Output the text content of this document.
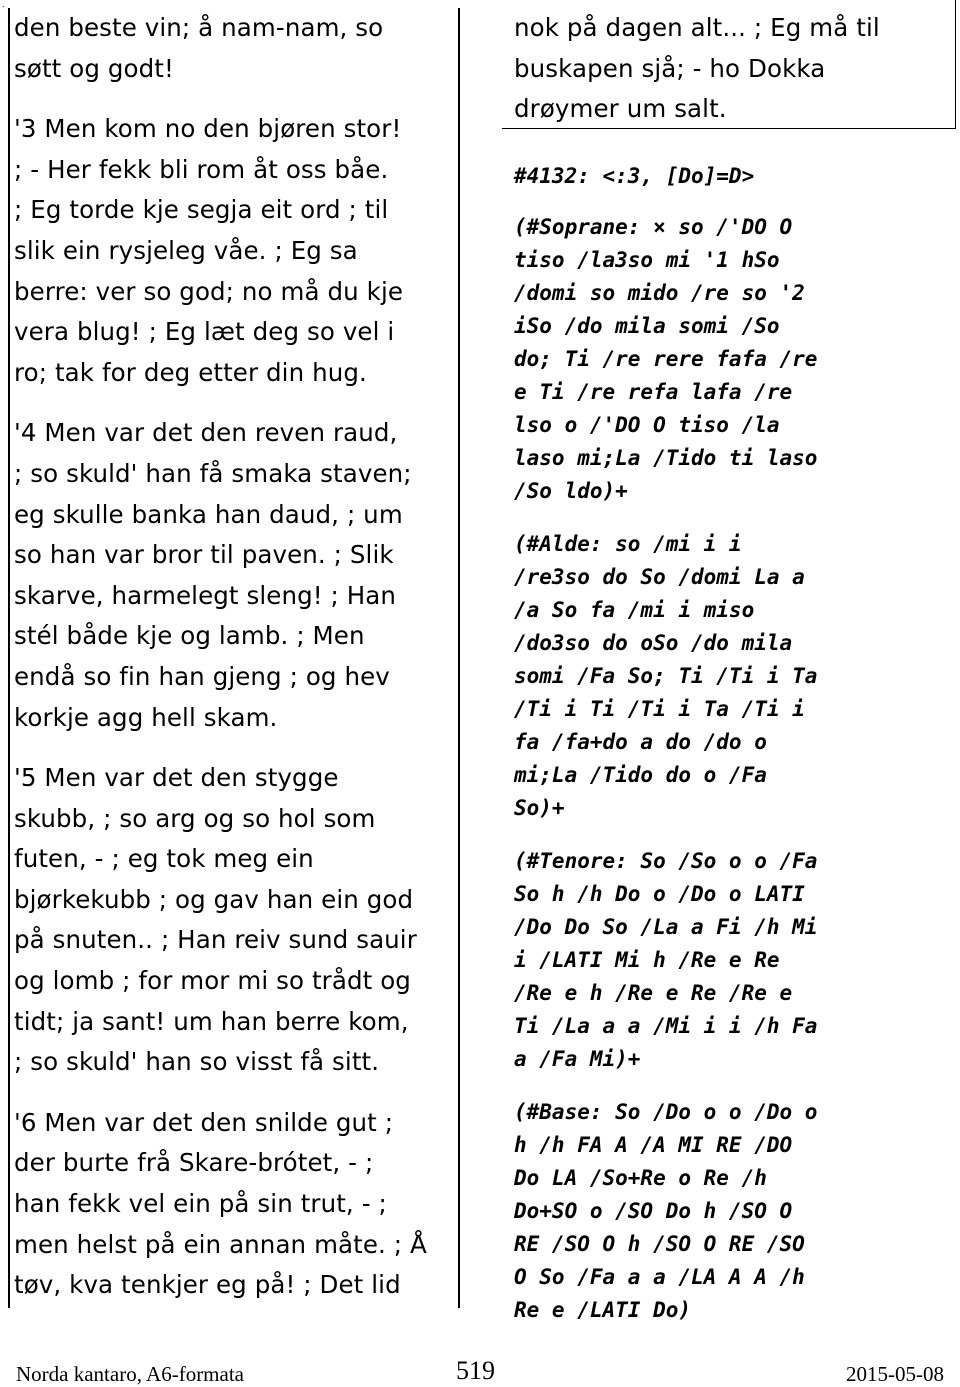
.

den beste vin; å nam-nam, so
søtt og godt!

'3 Men kom no den bjøren stor!
; - Her fekk bli rom åt oss båe.
; Eg torde kje segja eit ord ; til
slik ein rysjeleg våe. ; Eg sa
berre: ver so god; no må du kje
vera blug! ; Eg læt deg so vel i
ro; tak for deg etter din hug.

'4 Men var det den reven raud,
; so skuld' han få smaka staven;
eg skulle banka han daud, ; um
so han var bror til paven. ; Slik
skarve, harmelegt sleng! ; Han
stél både kje og lamb. ; Men
endå so fin han gjeng ; og hev
korkje agg hell skam.

'5 Men var det den stygge
skubb, ; so arg og so hol som
futen, - ; eg tok meg ein
bjørkekubb ; og gav han ein god
på snuten.. ; Han reiv sund sauir
og lomb ; for mor mi so trådt og
tidt; ja sant! um han berre kom,
; so skuld' han so visst få sitt.

'6 Men var det den snilde gut ;
der burte frå Skare-brótet, - ;
han fekk vel ein på sin trut, - ;
men helst på ein annan måte. ; Å
tøv, kva tenkjer eg på! ; Det lid

nok på dagen alt... ; Eg må til
buskapen sjå; - ho Dokka
drøymer um salt.

#4132: <:3, [Do]=D>

(#Soprane: × so /'DO O
tiso /la3so mi '1 hSo
/domi so mido /re so '2
iSo /do mila somi /So
do; Ti /re rere fafa /re
e Ti /re refa lafa /re
lso o /'DO O tiso /la
laso mi;La /Tido ti laso
/So ldo)+

(#Alde: so /mi i i
/re3so do So /domi La a
/a So fa /mi i miso
/do3so do oSo /do mila
somi /Fa So; Ti /Ti i Ta
/Ti i Ti /Ti i Ta /Ti i
fa /fa+do a do /do o
mi;La /Tido do o /Fa
So)+

(#Tenore: So /So o o /Fa
So h /h Do o /Do o LATI
/Do Do So /La a Fi /h Mi
i /LATI Mi h /Re e Re
/Re e h /Re e Re /Re e
Ti /La a a /Mi i i /h Fa
a /Fa Mi)+

(#Base: So /Do o o /Do o
h /h FA A /A MI RE /DO
Do LA /So+Re o Re /h
Do+SO o /SO Do h /SO O
RE /SO O h /SO O RE /SO
O So /Fa a a /LA A A /h
Re e /LATI Do)

Norda kantaro, A6-formata	519	2015-05-08
